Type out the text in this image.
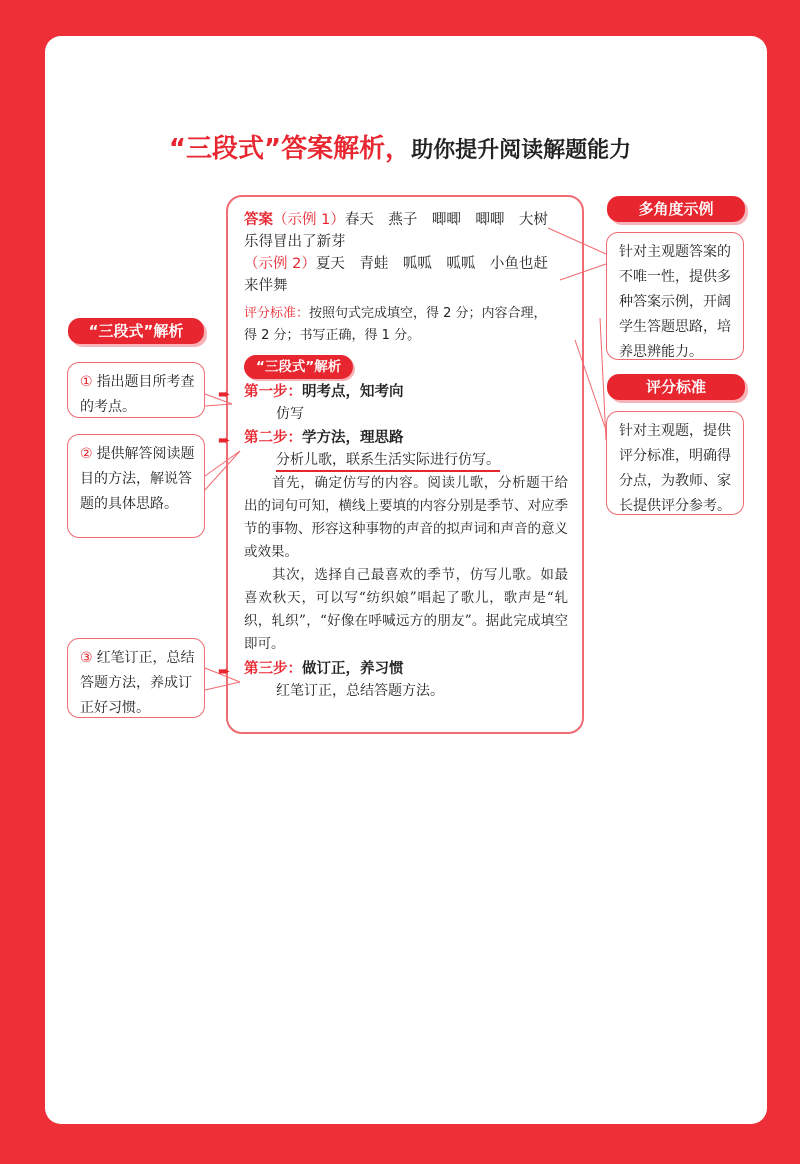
“三段式”答案解析，助你提升阅读解题能力

答案（示例 1）春天　燕子　唧唧　唧唧　大树

乐得冒出了新芽

（示例 2）夏天　青蛙　呱呱　呱呱　小鱼也赶

来伴舞

评分标准：按照句式完成填空，得 2 分；内容合理，
得 2 分；书写正确，得 1 分。

“三段式”解析
➨ 第一步：明考点，知考向
仿写
➨ 第二步：学方法，理思路
分析儿歌，联系生活实际进行仿写。

首先，确定仿写的内容。阅读儿歌，分析题干给出的词句可知，横线上要填的内容分别是季节、对应季节的事物、形容这种事物的声音的拟声词和声音的意义或效果。

其次，选择自己最喜欢的季节，仿写儿歌。如最喜欢秋天，可以写“纺织娘”唱起了歌儿，歌声是“轧织，轧织”，“好像在呼喊远方的朋友”。据此完成填空即可。

➨ 第三步：做订正，养习惯
红笔订正，总结答题方法。
多角度示例
针对主观题答案的不唯一性，提供多种答案示例，开阔学生答题思路，培养思辨能力。
评分标准
针对主观题，提供评分标准，明确得分点，为教师、家长提供评分参考。
“三段式”解析
① 指出题目所考查的考点。
② 提供解答阅读题目的方法，解说答题的具体思路。
③ 红笔订正，总结答题方法，养成订正好习惯。
